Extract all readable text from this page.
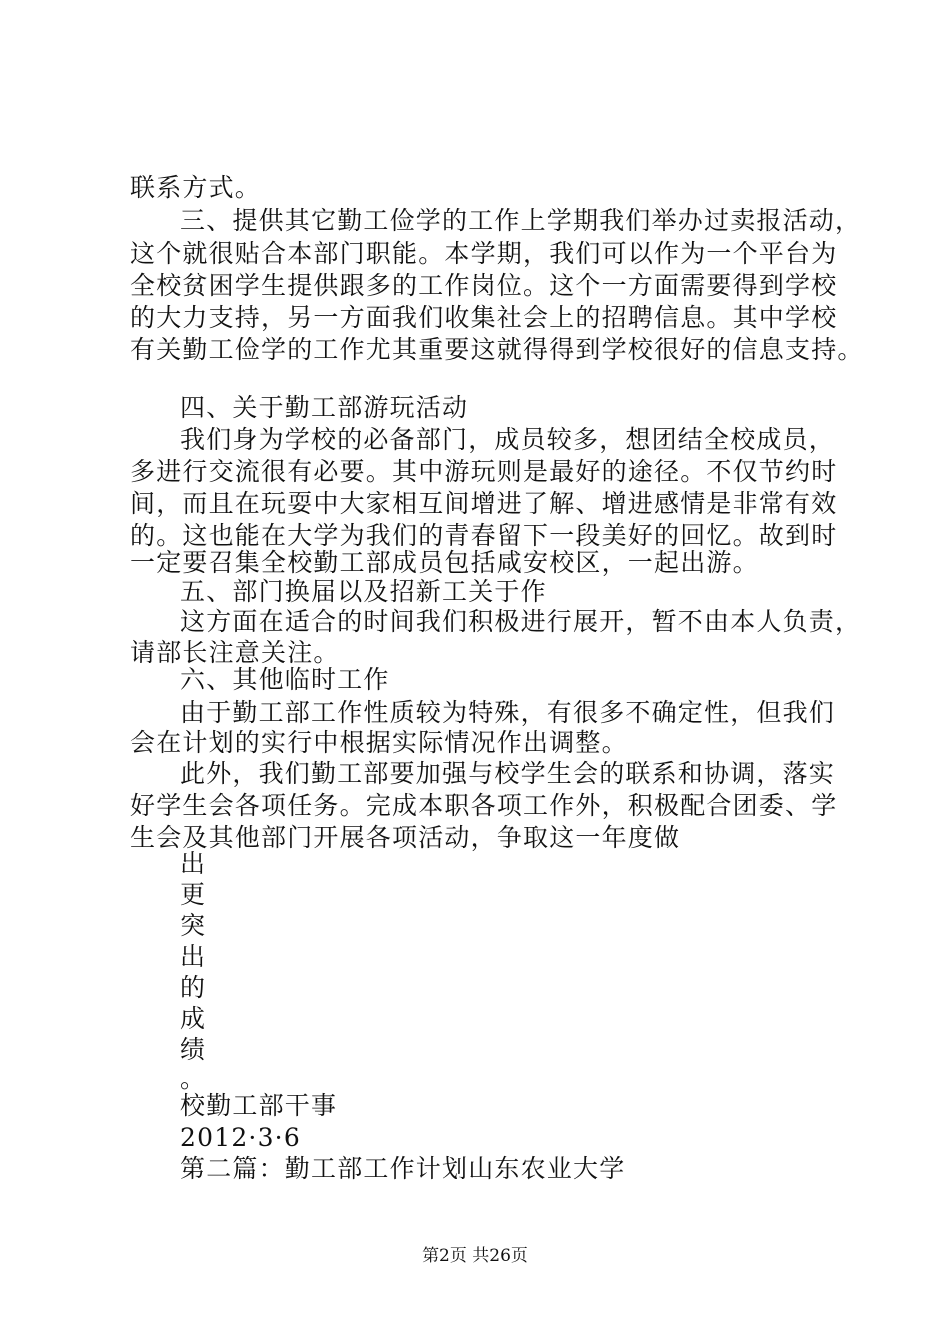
联系方式。
三、提供其它勤工俭学的工作上学期我们举办过卖报活动，
这个就很贴合本部门职能。本学期，我们可以作为一个平台为
全校贫困学生提供跟多的工作岗位。这个一方面需要得到学校
的大力支持，另一方面我们收集社会上的招聘信息。其中学校
有关勤工俭学的工作尤其重要这就得得到学校很好的信息支持。
四、关于勤工部游玩活动
我们身为学校的必备部门，成员较多，想团结全校成员，
多进行交流很有必要。其中游玩则是最好的途径。不仅节约时
间，而且在玩耍中大家相互间增进了解、增进感情是非常有效
的。这也能在大学为我们的青春留下一段美好的回忆。故到时
一定要召集全校勤工部成员包括咸安校区，一起出游。
五、部门换届以及招新工关于作
这方面在适合的时间我们积极进行展开，暂不由本人负责，
请部长注意关注。
六、其他临时工作
由于勤工部工作性质较为特殊，有很多不确定性，但我们
会在计划的实行中根据实际情况作出调整。
此外，我们勤工部要加强与校学生会的联系和协调，落实
好学生会各项任务。完成本职各项工作外，积极配合团委、学
生会及其他部门开展各项活动，争取这一年度做
出
更
突
出
的
成
绩
。
校勤工部干事
2012·3·6
第二篇：勤工部工作计划山东农业大学
第2页 共26页
